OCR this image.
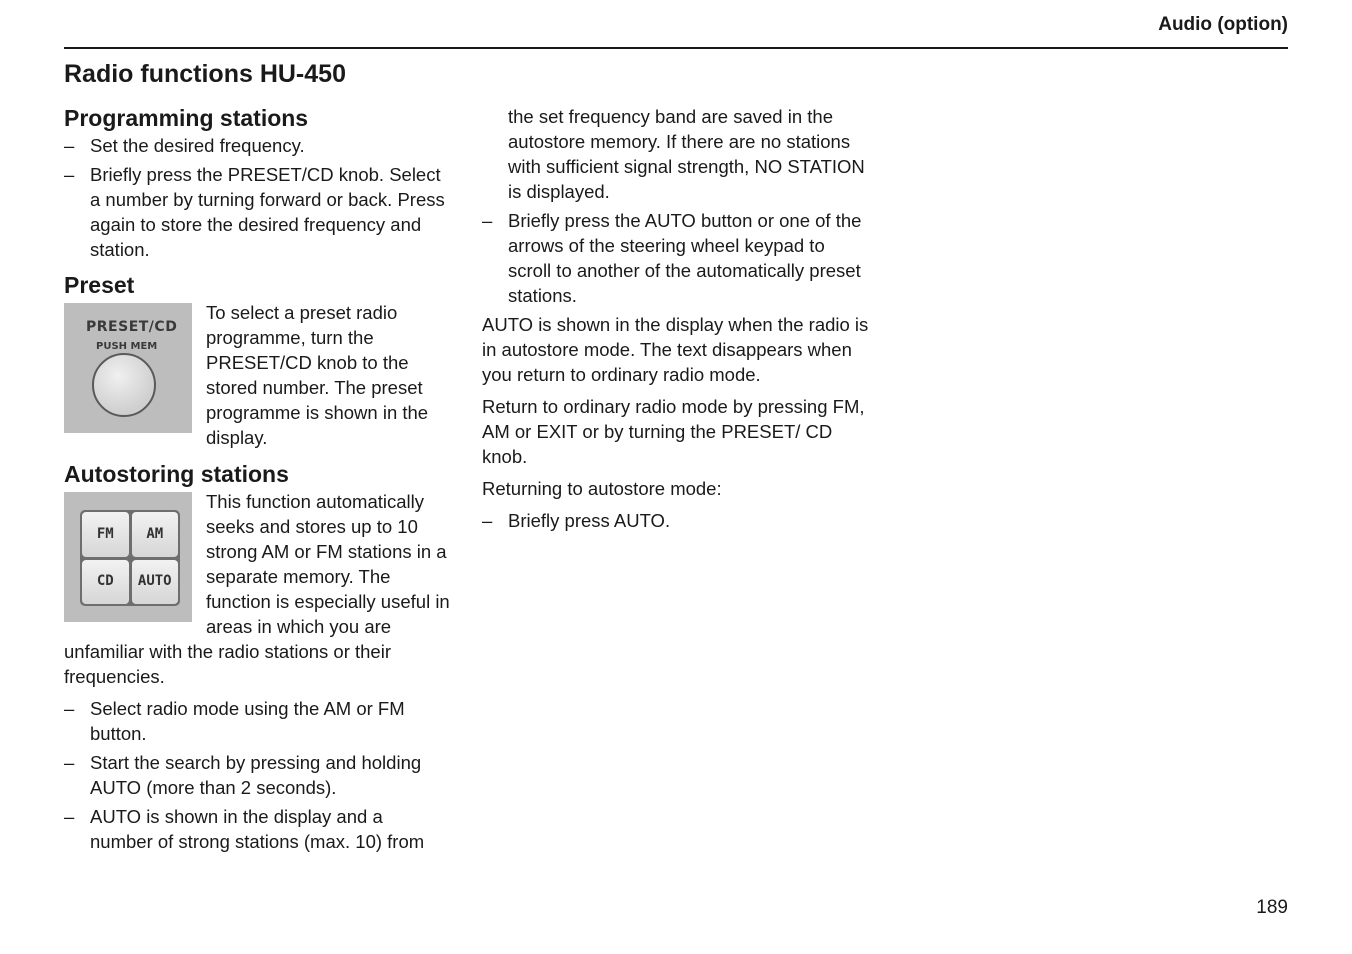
Audio (option)
Radio functions HU-450
Programming stations
– Set the desired frequency.
– Briefly press the PRESET/CD knob. Select a number by turning forward or back. Press again to store the desired frequency and station.
Preset
PRESET/CD
PUSH MEM

To select a preset radio programme, turn the PRESET/CD knob to the stored number. The preset programme is shown in the display.

Autostoring stations
FM	AM
CD	AUTO

This function automatically seeks and stores up to 10 strong AM or FM stations in a separate memory. The function is especially useful in areas in which you are unfamiliar with the radio stations or their frequencies.

– Select radio mode using the AM or FM button.
– Start the search by pressing and holding AUTO (more than 2 seconds).
– AUTO is shown in the display and a number of strong stations (max. 10) from
the set frequency band are saved in the autostore memory. If there are no stations with sufficient signal strength, NO STATION is displayed.
– Briefly press the AUTO button or one of the arrows of the steering wheel keypad to scroll to another of the automatically preset stations.

AUTO is shown in the display when the radio is in autostore mode. The text disappears when you return to ordinary radio mode.

Return to ordinary radio mode by pressing FM, AM or EXIT or by turning the PRESET/ CD knob.

Returning to autostore mode:

– Briefly press AUTO.
189
